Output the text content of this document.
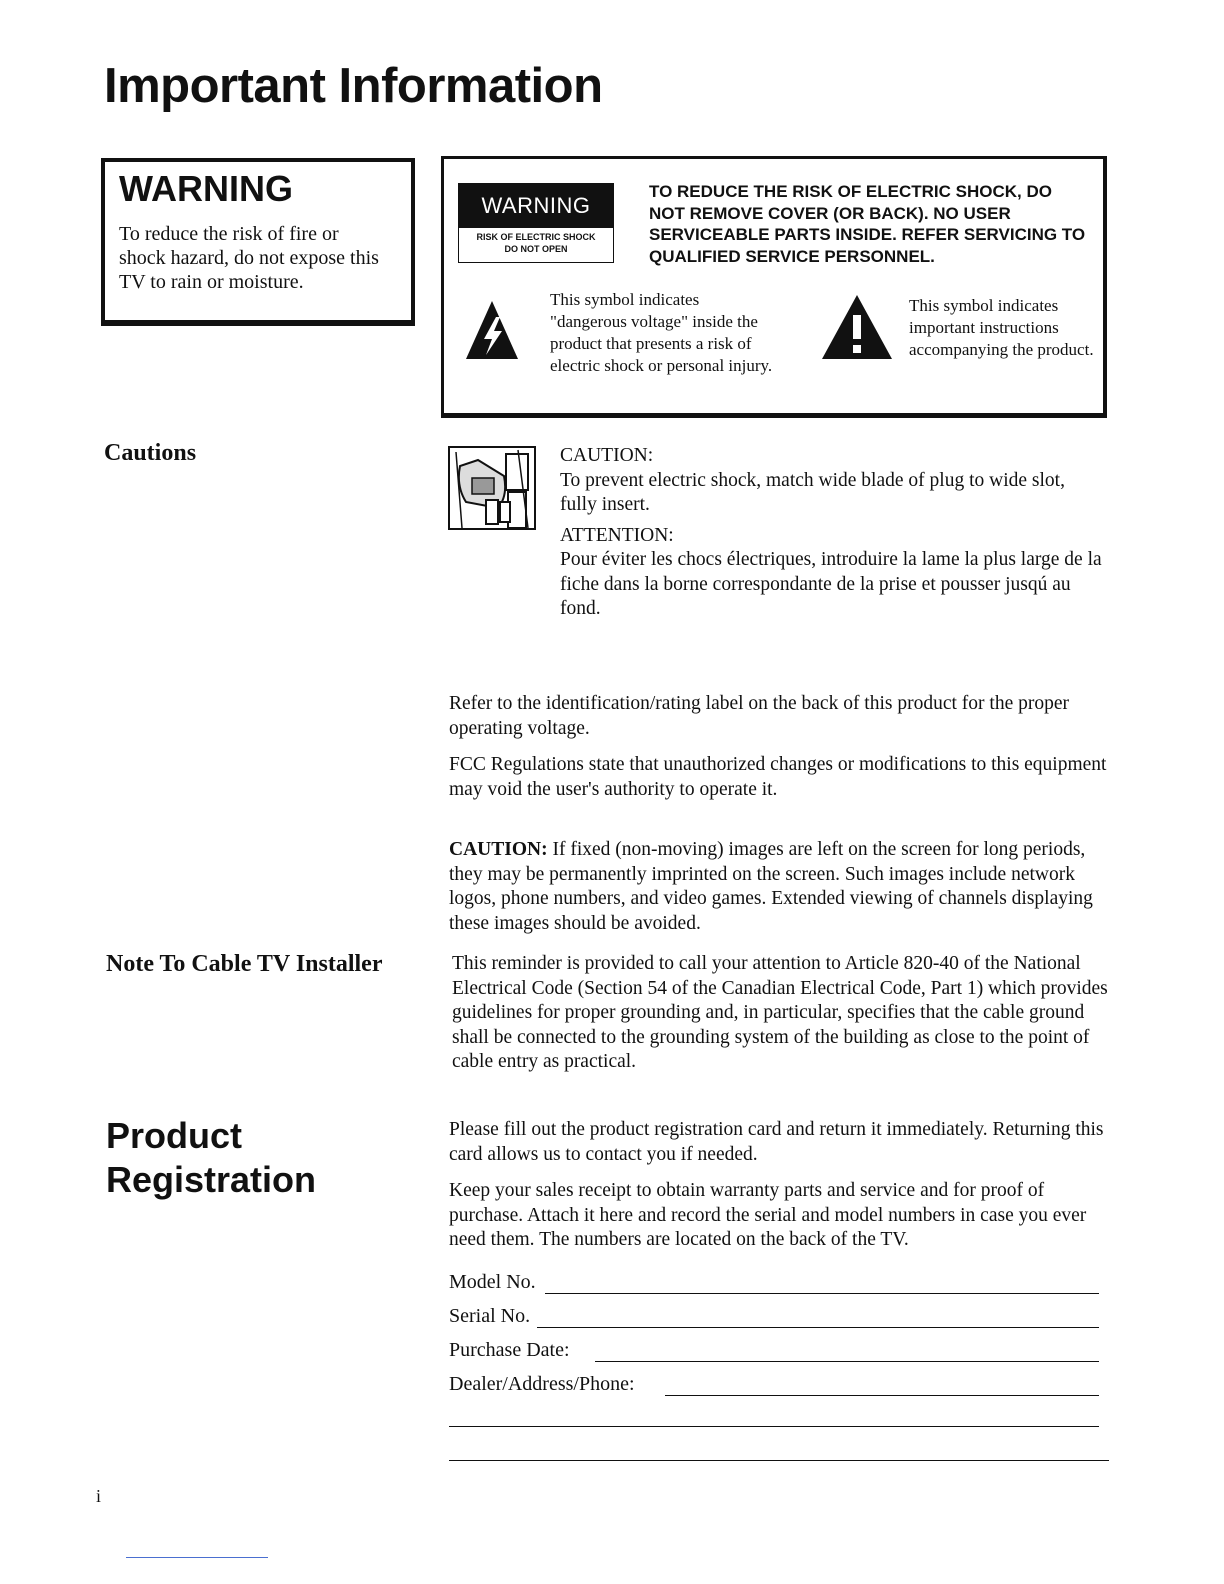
Important Information
WARNING
To reduce the risk of fire or shock hazard, do not expose this TV to rain or moisture.
WARNING
RISK OF ELECTRIC SHOCK
DO NOT OPEN
TO REDUCE THE RISK OF ELECTRIC SHOCK, DO NOT REMOVE COVER (OR BACK). NO USER SERVICEABLE PARTS INSIDE. REFER SERVICING TO QUALIFIED SERVICE PERSONNEL.
This symbol indicates "dangerous voltage" inside the product that presents a risk of electric shock or personal injury.
This symbol indicates important instructions accompanying the product.
Cautions	CAUTION:

To prevent electric shock, match wide blade of plug to wide slot, fully insert.

ATTENTION:

Pour éviter les chocs électriques, introduire la lame la plus large de la fiche dans la borne correspondante de la prise et pousser jusqú au fond.

Refer to the identification/rating label on the back of this product for the proper operating voltage.

FCC Regulations state that unauthorized changes or modifications to this equipment may void the user's authority to operate it.

CAUTION: If fixed (non-moving) images are left on the screen for long periods, they may be permanently imprinted on the screen. Such images include network logos, phone numbers, and video games. Extended viewing of channels displaying these images should be avoided.

Note To Cable TV Installer	This reminder is provided to call your attention to Article 820-40 of the National Electrical Code (Section 54 of the Canadian Electrical Code, Part 1) which provides guidelines for proper grounding and, in particular, specifies that the cable ground shall be connected to the grounding system of the building as close to the point of cable entry as practical.

Product
Registration

Please fill out the product registration card and return it immediately. Returning this card allows us to contact you if needed.

Keep your sales receipt to obtain warranty parts and service and for proof of purchase. Attach it here and record the serial and model numbers in case you ever need them. The numbers are located on the back of the TV.

Model No.
Serial No.
Purchase Date:
Dealer/Address/Phone:
i
